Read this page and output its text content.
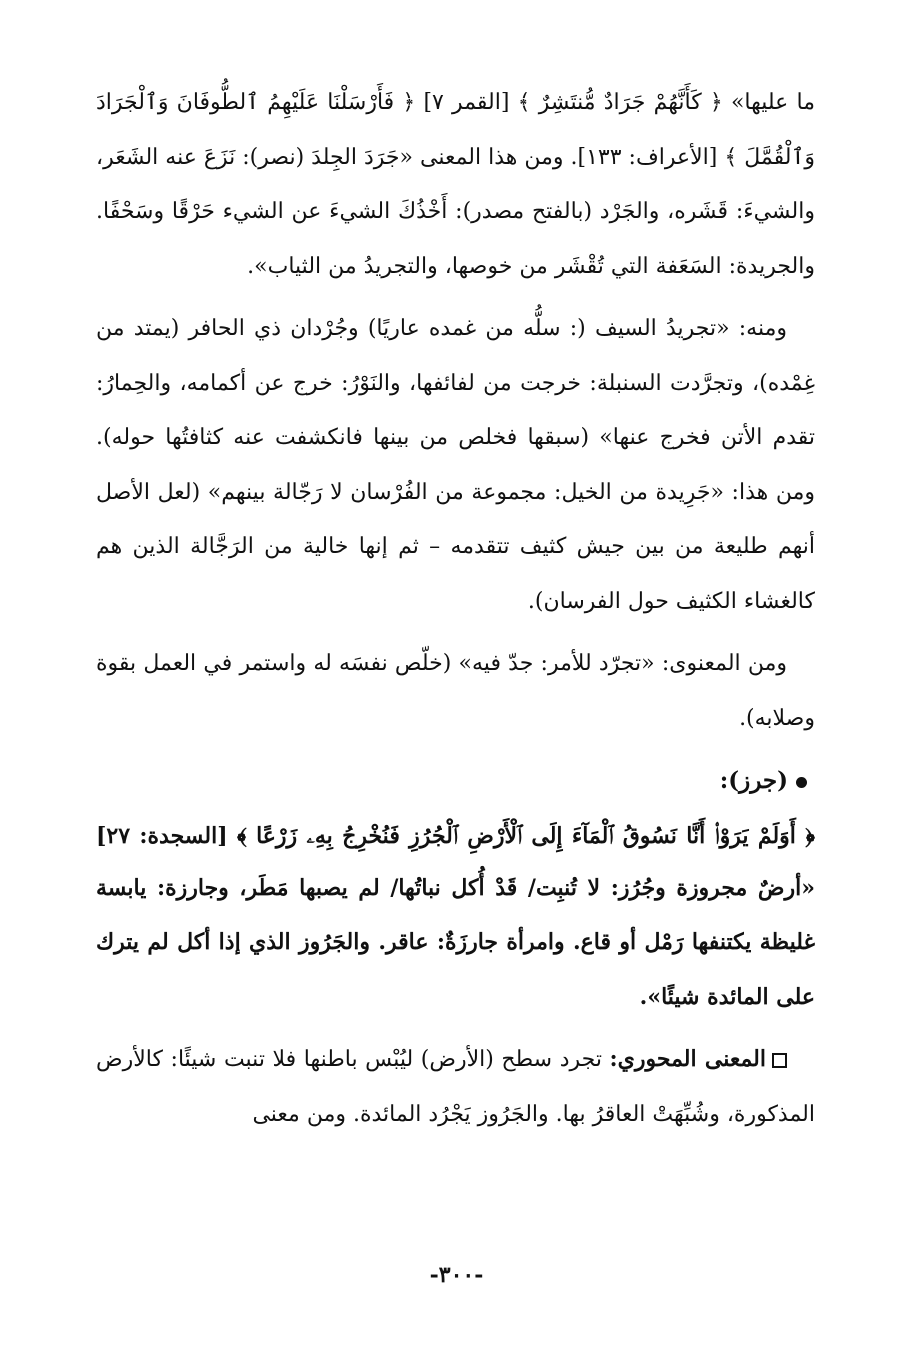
ما عليها» ﴿ كَأَنَّهُمْ جَرَادٌ مُّنتَشِرٌ ﴾ [القمر ٧] ﴿ فَأَرْسَلْنَا عَلَيْهِمُ ٱلطُّوفَانَ وَٱلْجَرَادَ وَٱلْقُمَّلَ ﴾ [الأعراف: ١٣٣]. ومن هذا المعنى «جَرَدَ الجِلدَ (نصر): نَزَعَ عنه الشَعَر، والشيءَ: قَشَره، والجَرْد (بالفتح مصدر): أَخْذُكَ الشيءَ عن الشيء حَرْقًا وسَحْفًا. والجريدة: السَعَفة التي تُقْشَر من خوصها، والتجريدُ من الثياب».

ومنه: «تجريدُ السيف (: سلُّه من غمده عاريًا) وجُرْدان ذي الحافر (يمتد من غِمْده)، وتجرَّدت السنبلة: خرجت من لفائفها، والنَوْرُ: خرج عن أكمامه، والحِمارُ: تقدم الأتن فخرج عنها» (سبقها فخلص من بينها فانكشفت عنه كثافتُها حوله). ومن هذا: «جَرِيدة من الخيل: مجموعة من الفُرْسان لا رَجّالة بينهم» (لعل الأصل أنهم طليعة من بين جيش كثيف تتقدمه – ثم إنها خالية من الرَجَّالة الذين هم كالغشاء الكثيف حول الفرسان).

ومن المعنوى: «تجرّد للأمر: جدّ فيه» (خلّص نفسَه له واستمر في العمل بقوة وصلابه).

(جرز):

﴿ أَوَلَمْ يَرَوْا۟ أَنَّا نَسُوقُ ٱلْمَآءَ إِلَى ٱلْأَرْضِ ٱلْجُرُزِ فَنُخْرِجُ بِهِۦ زَرْعًا ﴾ [السجدة: ٢٧]

«أرضٌ مجروزة وجُرُز: لا تُنبِت/ قَدْ أُكل نباتُها/ لم يصبها مَطَر، وجارزة: يابسة غليظة يكتنفها رَمْل أو قاع. وامرأة جارزَةٌ: عاقر. والجَرُوز الذي إذا أكل لم يترك على المائدة شيئًا».

المعنى المحوري: تجرد سطح (الأرض) ليُبْس باطنها فلا تنبت شيئًا: كالأرض المذكورة، وشُبِّهَتْ العاقرُ بها. والجَرُوز يَجْرُد المائدة. ومن معنى

-٣٠٠-
